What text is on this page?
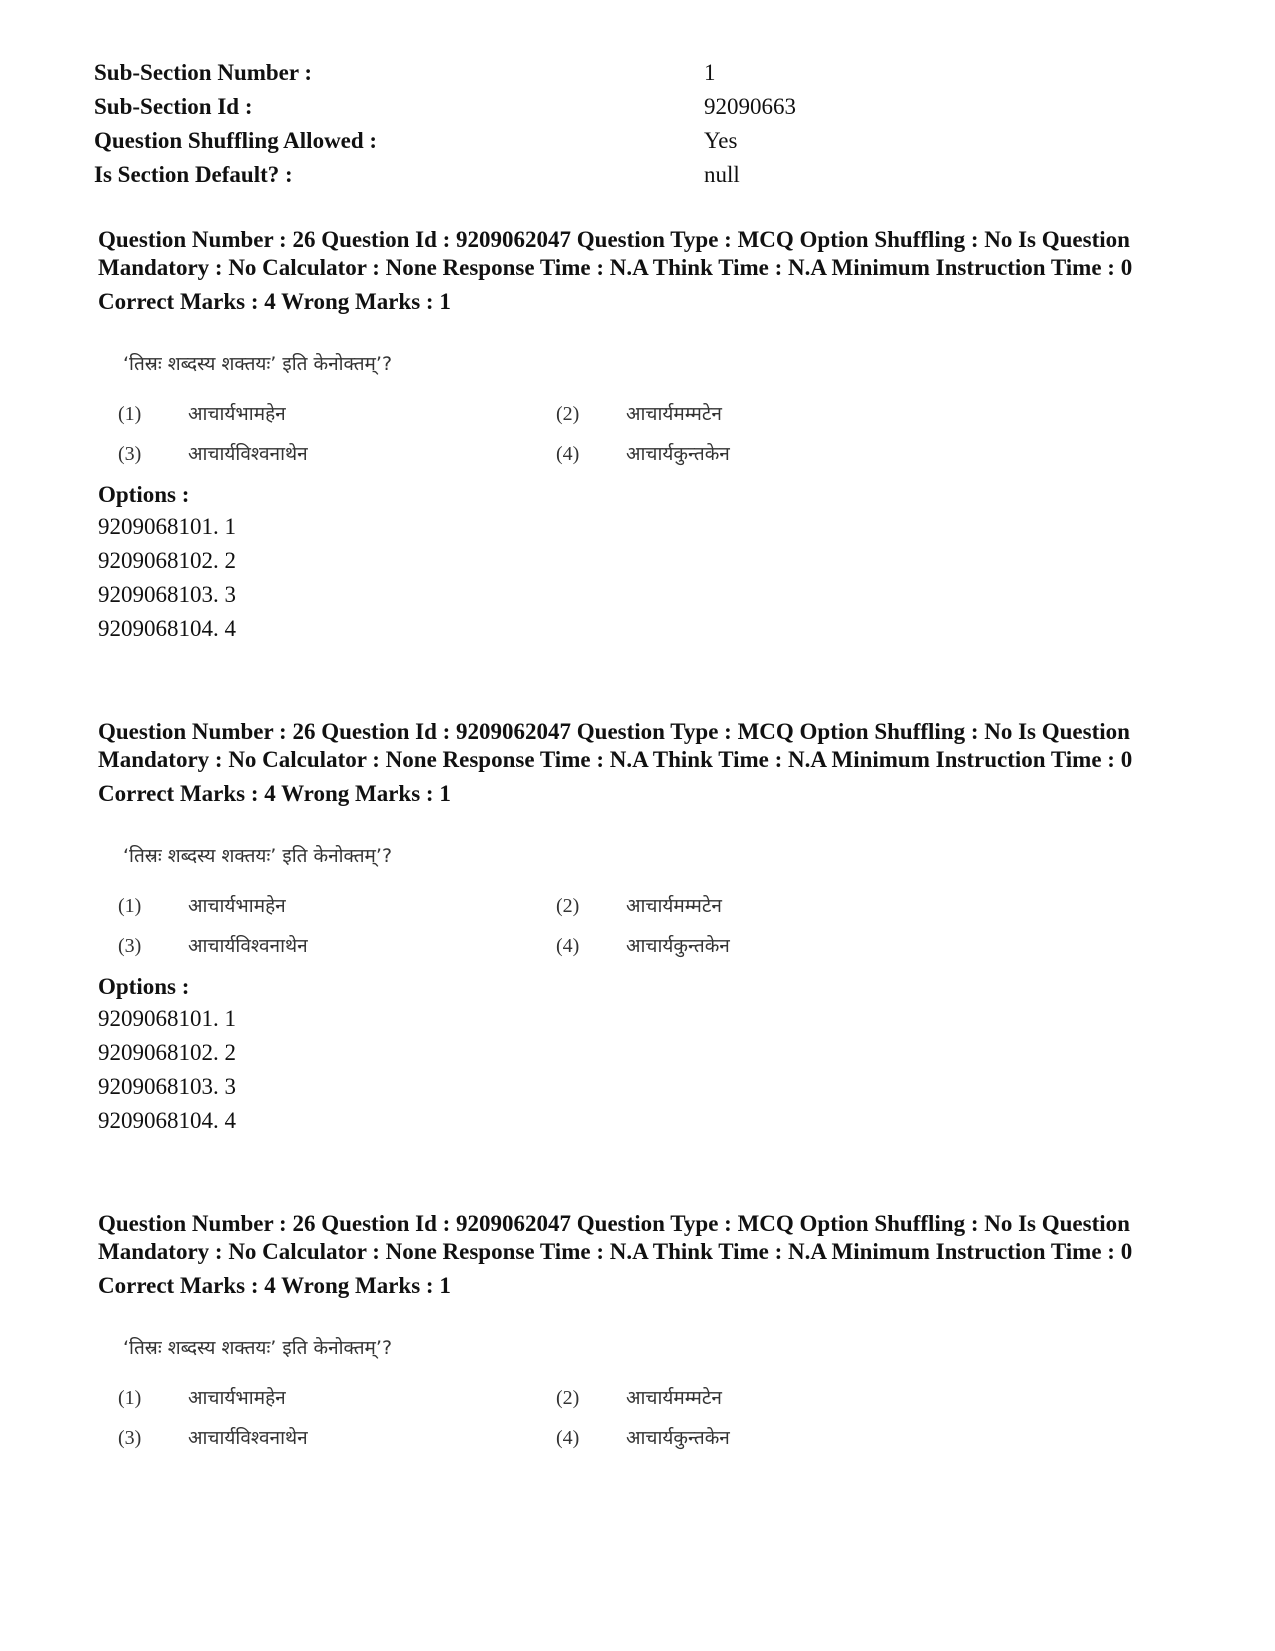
Sub-Section Number :	1
Sub-Section Id :	92090663
Question Shuffling Allowed :	Yes
Is Section Default? :	null
Question Number : 26 Question Id : 9209062047 Question Type : MCQ Option Shuffling : No Is Question Mandatory : No Calculator : None Response Time : N.A Think Time : N.A Minimum Instruction Time : 0
Correct Marks : 4 Wrong Marks : 1
‘तिस्रः शब्दस्य शक्तयः’ इति केनोक्तम्’?
(1) आचार्यभामहेन	(2) आचार्यमम्मटेन
(3) आचार्यविश्वनाथेन	(4) आचार्यकुन्तकेन
Options :
9209068101. 1
9209068102. 2
9209068103. 3
9209068104. 4
Question Number : 26 Question Id : 9209062047 Question Type : MCQ Option Shuffling : No Is Question Mandatory : No Calculator : None Response Time : N.A Think Time : N.A Minimum Instruction Time : 0
Correct Marks : 4 Wrong Marks : 1
‘तिस्रः शब्दस्य शक्तयः’ इति केनोक्तम्’?
(1) आचार्यभामहेन	(2) आचार्यमम्मटेन
(3) आचार्यविश्वनाथेन	(4) आचार्यकुन्तकेन
Options :
9209068101. 1
9209068102. 2
9209068103. 3
9209068104. 4
Question Number : 26 Question Id : 9209062047 Question Type : MCQ Option Shuffling : No Is Question Mandatory : No Calculator : None Response Time : N.A Think Time : N.A Minimum Instruction Time : 0
Correct Marks : 4 Wrong Marks : 1
‘तिस्रः शब्दस्य शक्तयः’ इति केनोक्तम्’?
(1) आचार्यभामहेन	(2) आचार्यमम्मटेन
(3) आचार्यविश्वनाथेन	(4) आचार्यकुन्तकेन
